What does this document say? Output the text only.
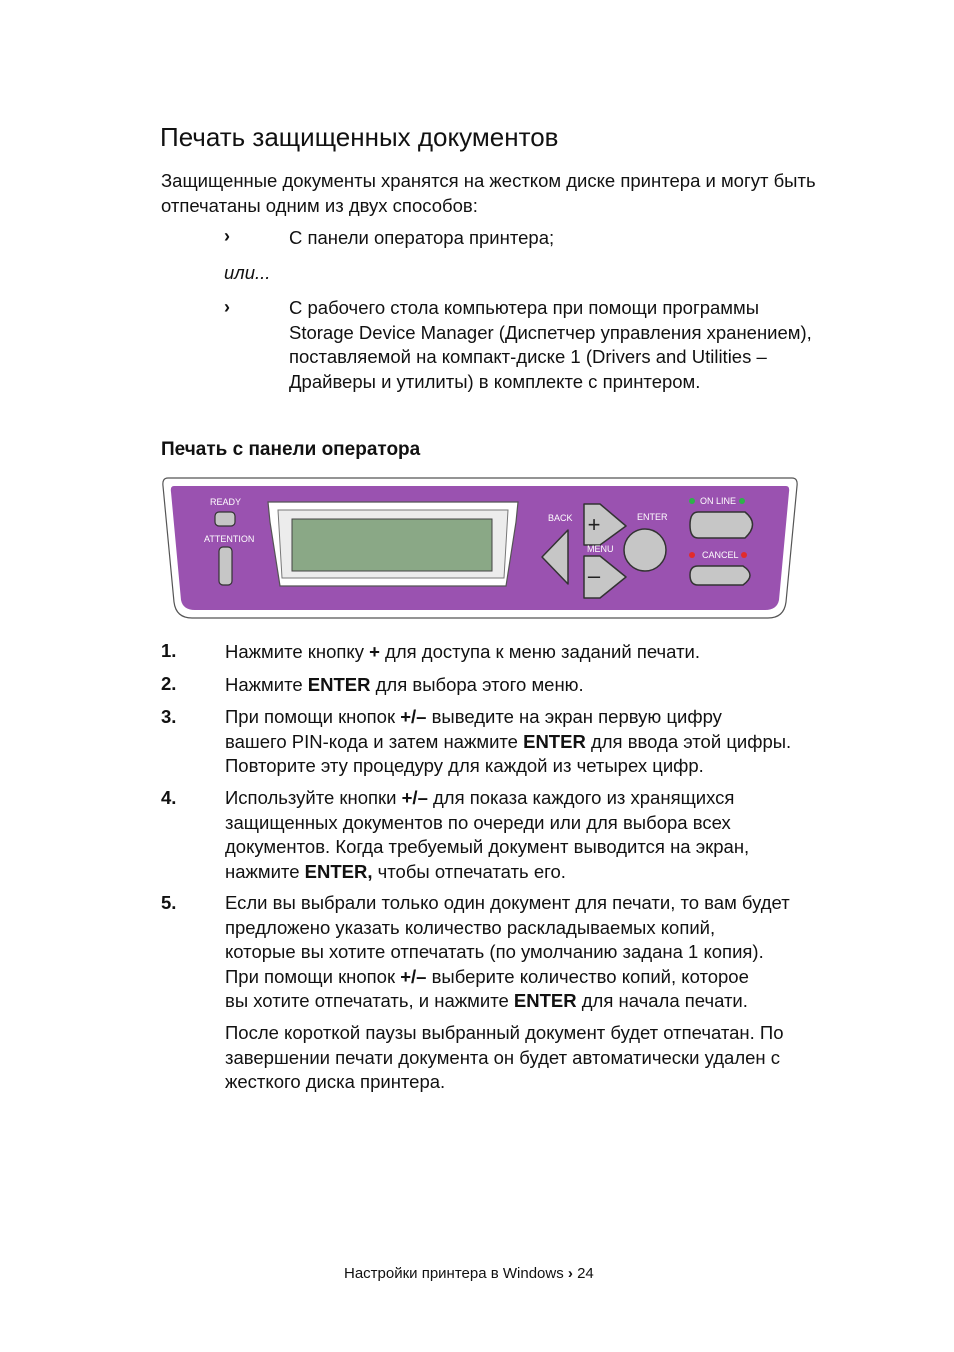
Печать защищенных документов
Защищенные документы хранятся на жестком диске принтера и могут быть отпечатаны одним из двух способов:
›	С панели оператора принтера;
или...
›	С рабочего стола компьютера при помощи программы Storage Device Manager (Диспетчер управления хранением), поставляемой на компакт-диске 1 (Drivers and Utilities – Драйверы и утилиты) в комплекте с принтером.
Печать с панели оператора
READY
ATTENTION
BACK +
MENU
–
ENTER
ON LINE
CANCEL
1.	Нажмите кнопку + для доступа к меню заданий печати.
2.	Нажмите ENTER для выбора этого меню.
3.	При помощи кнопок +/– выведите на экран первую цифру
вашего PIN-кода и затем нажмите ENTER для ввода этой цифры.
Повторите эту процедуру для каждой из четырех цифр.
4.	Используйте кнопки +/– для показа каждого из хранящихся
защищенных документов по очереди или для выбора всех
документов. Когда требуемый документ выводится на экран,
нажмите ENTER, чтобы отпечатать его.
5.	Если вы выбрали только один документ для печати, то вам будет
предложено указать количество раскладываемых копий,
которые вы хотите отпечатать (по умолчанию задана 1 копия).
При помощи кнопок +/– выберите количество копий, которое
вы хотите отпечатать, и нажмите ENTER для начала печати.
После короткой паузы выбранный документ будет отпечатан. По
завершении печати документа он будет автоматически удален с
жесткого диска принтера.
Настройки принтера в Windows › 24
